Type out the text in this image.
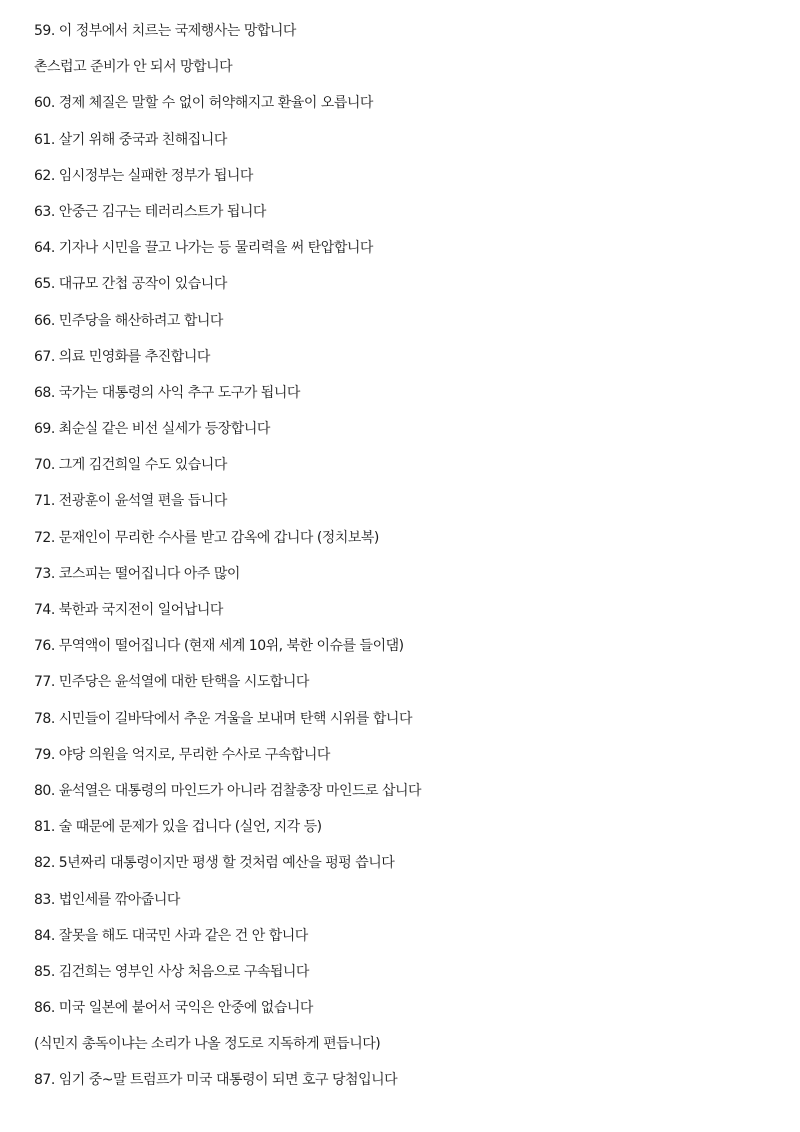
59. 이 정부에서 치르는 국제행사는 망합니다
촌스럽고 준비가 안 되서 망합니다
60. 경제 체질은 말할 수 없이 허약해지고 환율이 오릅니다
61. 살기 위해 중국과 친해집니다
62. 임시정부는 실패한 정부가 됩니다
63. 안중근 김구는 테러리스트가 됩니다
64. 기자나 시민을 끌고 나가는 등 물리력을 써 탄압합니다
65. 대규모 간첩 공작이 있습니다
66. 민주당을 해산하려고 합니다
67. 의료 민영화를 추진합니다
68. 국가는 대통령의 사익 추구 도구가 됩니다
69. 최순실 같은 비선 실세가 등장합니다
70. 그게 김건희일 수도 있습니다
71. 전광훈이 윤석열 편을 듭니다
72. 문재인이 무리한 수사를 받고 감옥에 갑니다 (정치보복)
73. 코스피는 떨어집니다 아주 많이
74. 북한과 국지전이 일어납니다
76. 무역액이 떨어집니다 (현재 세계 10위, 북한 이슈를 들이댐)
77. 민주당은 윤석열에 대한 탄핵을 시도합니다
78. 시민들이 길바닥에서 추운 겨울을 보내며 탄핵 시위를 합니다
79. 야당 의원을 억지로, 무리한 수사로 구속합니다
80. 윤석열은 대통령의 마인드가 아니라 검찰총장 마인드로 삽니다
81. 술 때문에 문제가 있을 겁니다 (실언, 지각 등)
82. 5년짜리 대통령이지만 평생 할 것처럼 예산을 펑펑 씁니다
83. 법인세를 깎아줍니다
84. 잘못을 해도 대국민 사과 같은 건 안 합니다
85. 김건희는 영부인 사상 처음으로 구속됩니다
86. 미국 일본에 붙어서 국익은 안중에 없습니다
(식민지 총독이냐는 소리가 나올 정도로 지독하게 편듭니다)
87. 임기 중~말 트럼프가 미국 대통령이 되면 호구 당첨입니다
